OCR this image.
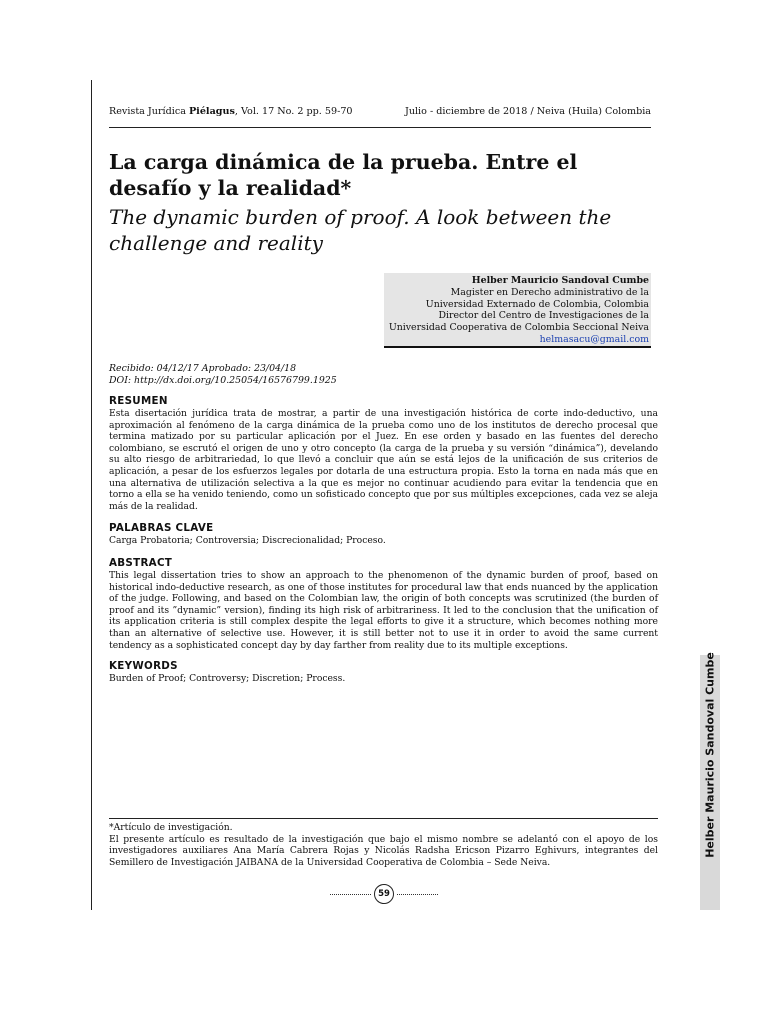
Revista Jurídica Piélagus, Vol. 17 No. 2 pp. 59-70	Julio - diciembre de 2018 / Neiva (Huila) Colombia
La carga dinámica de la prueba. Entre el desafío y la realidad*
The dynamic burden of proof. A look between the challenge and reality
Helber Mauricio Sandoval Cumbe
Magister en Derecho administrativo de la
Universidad Externado de Colombia, Colombia
Director del Centro de Investigaciones de la
Universidad Cooperativa de Colombia Seccional Neiva
helmasacu@gmail.com
Recibido: 04/12/17 Aprobado: 23/04/18
DOI: http://dx.doi.org/10.25054/16576799.1925
RESUMEN
Esta disertación jurídica trata de mostrar, a partir de una investigación histórica de corte indo-deductivo, una aproximación al fenómeno de la carga dinámica de la prueba como uno de los institutos de derecho procesal que termina matizado por su particular aplicación por el Juez. En ese orden y basado en las fuentes del derecho colombiano, se escrutó el origen de uno y otro concepto (la carga de la prueba y su versión “dinámica”), develando su alto riesgo de arbitrariedad, lo que llevó a concluir que aún se está lejos de la unificación de sus criterios de aplicación, a pesar de los esfuerzos legales por dotarla de una estructura propia. Esto la torna en nada más que en una alternativa de utilización selectiva a la que es mejor no continuar acudiendo para evitar la tendencia que en torno a ella se ha venido teniendo, como un sofisticado concepto que por sus múltiples excepciones, cada vez se aleja más de la realidad.
PALABRAS CLAVE
Carga Probatoria; Controversia; Discrecionalidad; Proceso.
ABSTRACT
This legal dissertation tries to show an approach to the phenomenon of the dynamic burden of proof, based on historical indo-deductive research, as one of those institutes for procedural law that ends nuanced by the application of the judge. Following, and based on the Colombian law, the origin of both concepts was scrutinized (the burden of proof and its ”dynamic” version), finding its high risk of arbitrariness. It led to the conclusion that the unification of its application criteria is still complex despite the legal efforts to give it a structure, which becomes nothing more than an alternative of selective use. However, it is still better not to use it in order to avoid the same current tendency as a sophisticated concept day by day farther from reality due to its multiple exceptions.
KEYWORDS
Burden of Proof; Controversy; Discretion; Process.	Helber Mauricio Sandoval Cumbe
*Artículo de investigación.
El presente artículo es resultado de la investigación que bajo el mismo nombre se adelantó con el apoyo de los investigadores auxiliares Ana María Cabrera Rojas y Nicolás Radsha Ericson Pizarro Eghivurs, integrantes del Semillero de Investigación JAIBANA de la Universidad Cooperativa de Colombia – Sede Neiva.
59
